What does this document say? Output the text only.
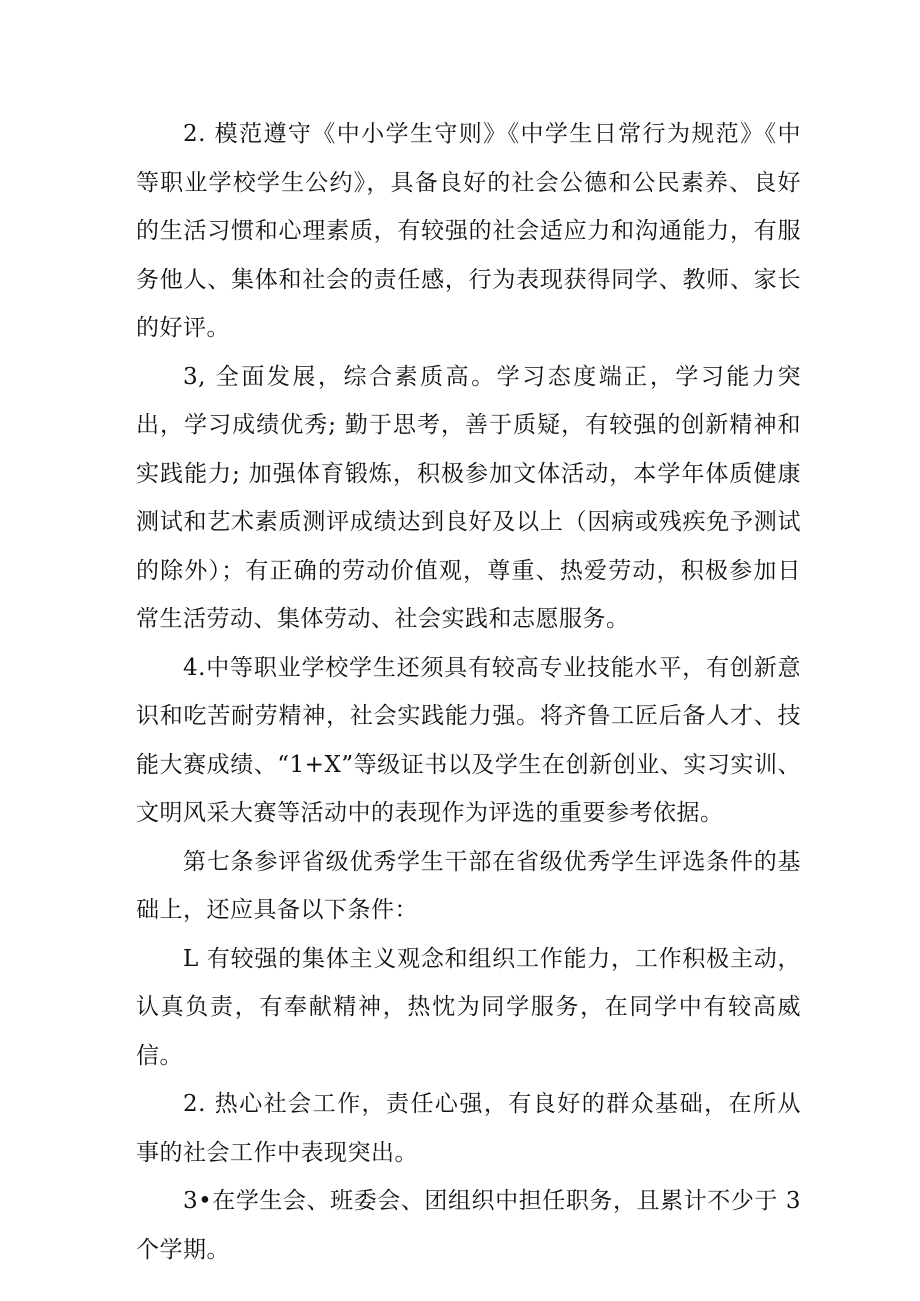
2. 模范遵守《中小学生守则》《中学生日常行为规范》《中等职业学校学生公约》，具备良好的社会公德和公民素养、良好的生活习惯和心理素质，有较强的社会适应力和沟通能力，有服务他人、集体和社会的责任感，行为表现获得同学、教师、家长的好评。

3, 全面发展，综合素质高。学习态度端正，学习能力突出，学习成绩优秀; 勤于思考，善于质疑，有较强的创新精神和实践能力; 加强体育锻炼，积极参加文体活动，本学年体质健康测试和艺术素质测评成绩达到良好及以上（因病或残疾免予测试的除外）；有正确的劳动价值观，尊重、热爱劳动，积极参加日常生活劳动、集体劳动、社会实践和志愿服务。

4.中等职业学校学生还须具有较高专业技能水平，有创新意识和吃苦耐劳精神，社会实践能力强。将齐鲁工匠后备人才、技能大赛成绩、“1+X”等级证书以及学生在创新创业、实习实训、文明风采大赛等活动中的表现作为评选的重要参考依据。

第七条参评省级优秀学生干部在省级优秀学生评选条件的基础上，还应具备以下条件：

L 有较强的集体主义观念和组织工作能力，工作积极主动，认真负责，有奉献精神，热忱为同学服务，在同学中有较高威信。

2. 热心社会工作，责任心强，有良好的群众基础，在所从事的社会工作中表现突出。

3•在学生会、班委会、团组织中担任职务，且累计不少于 3 个学期。
